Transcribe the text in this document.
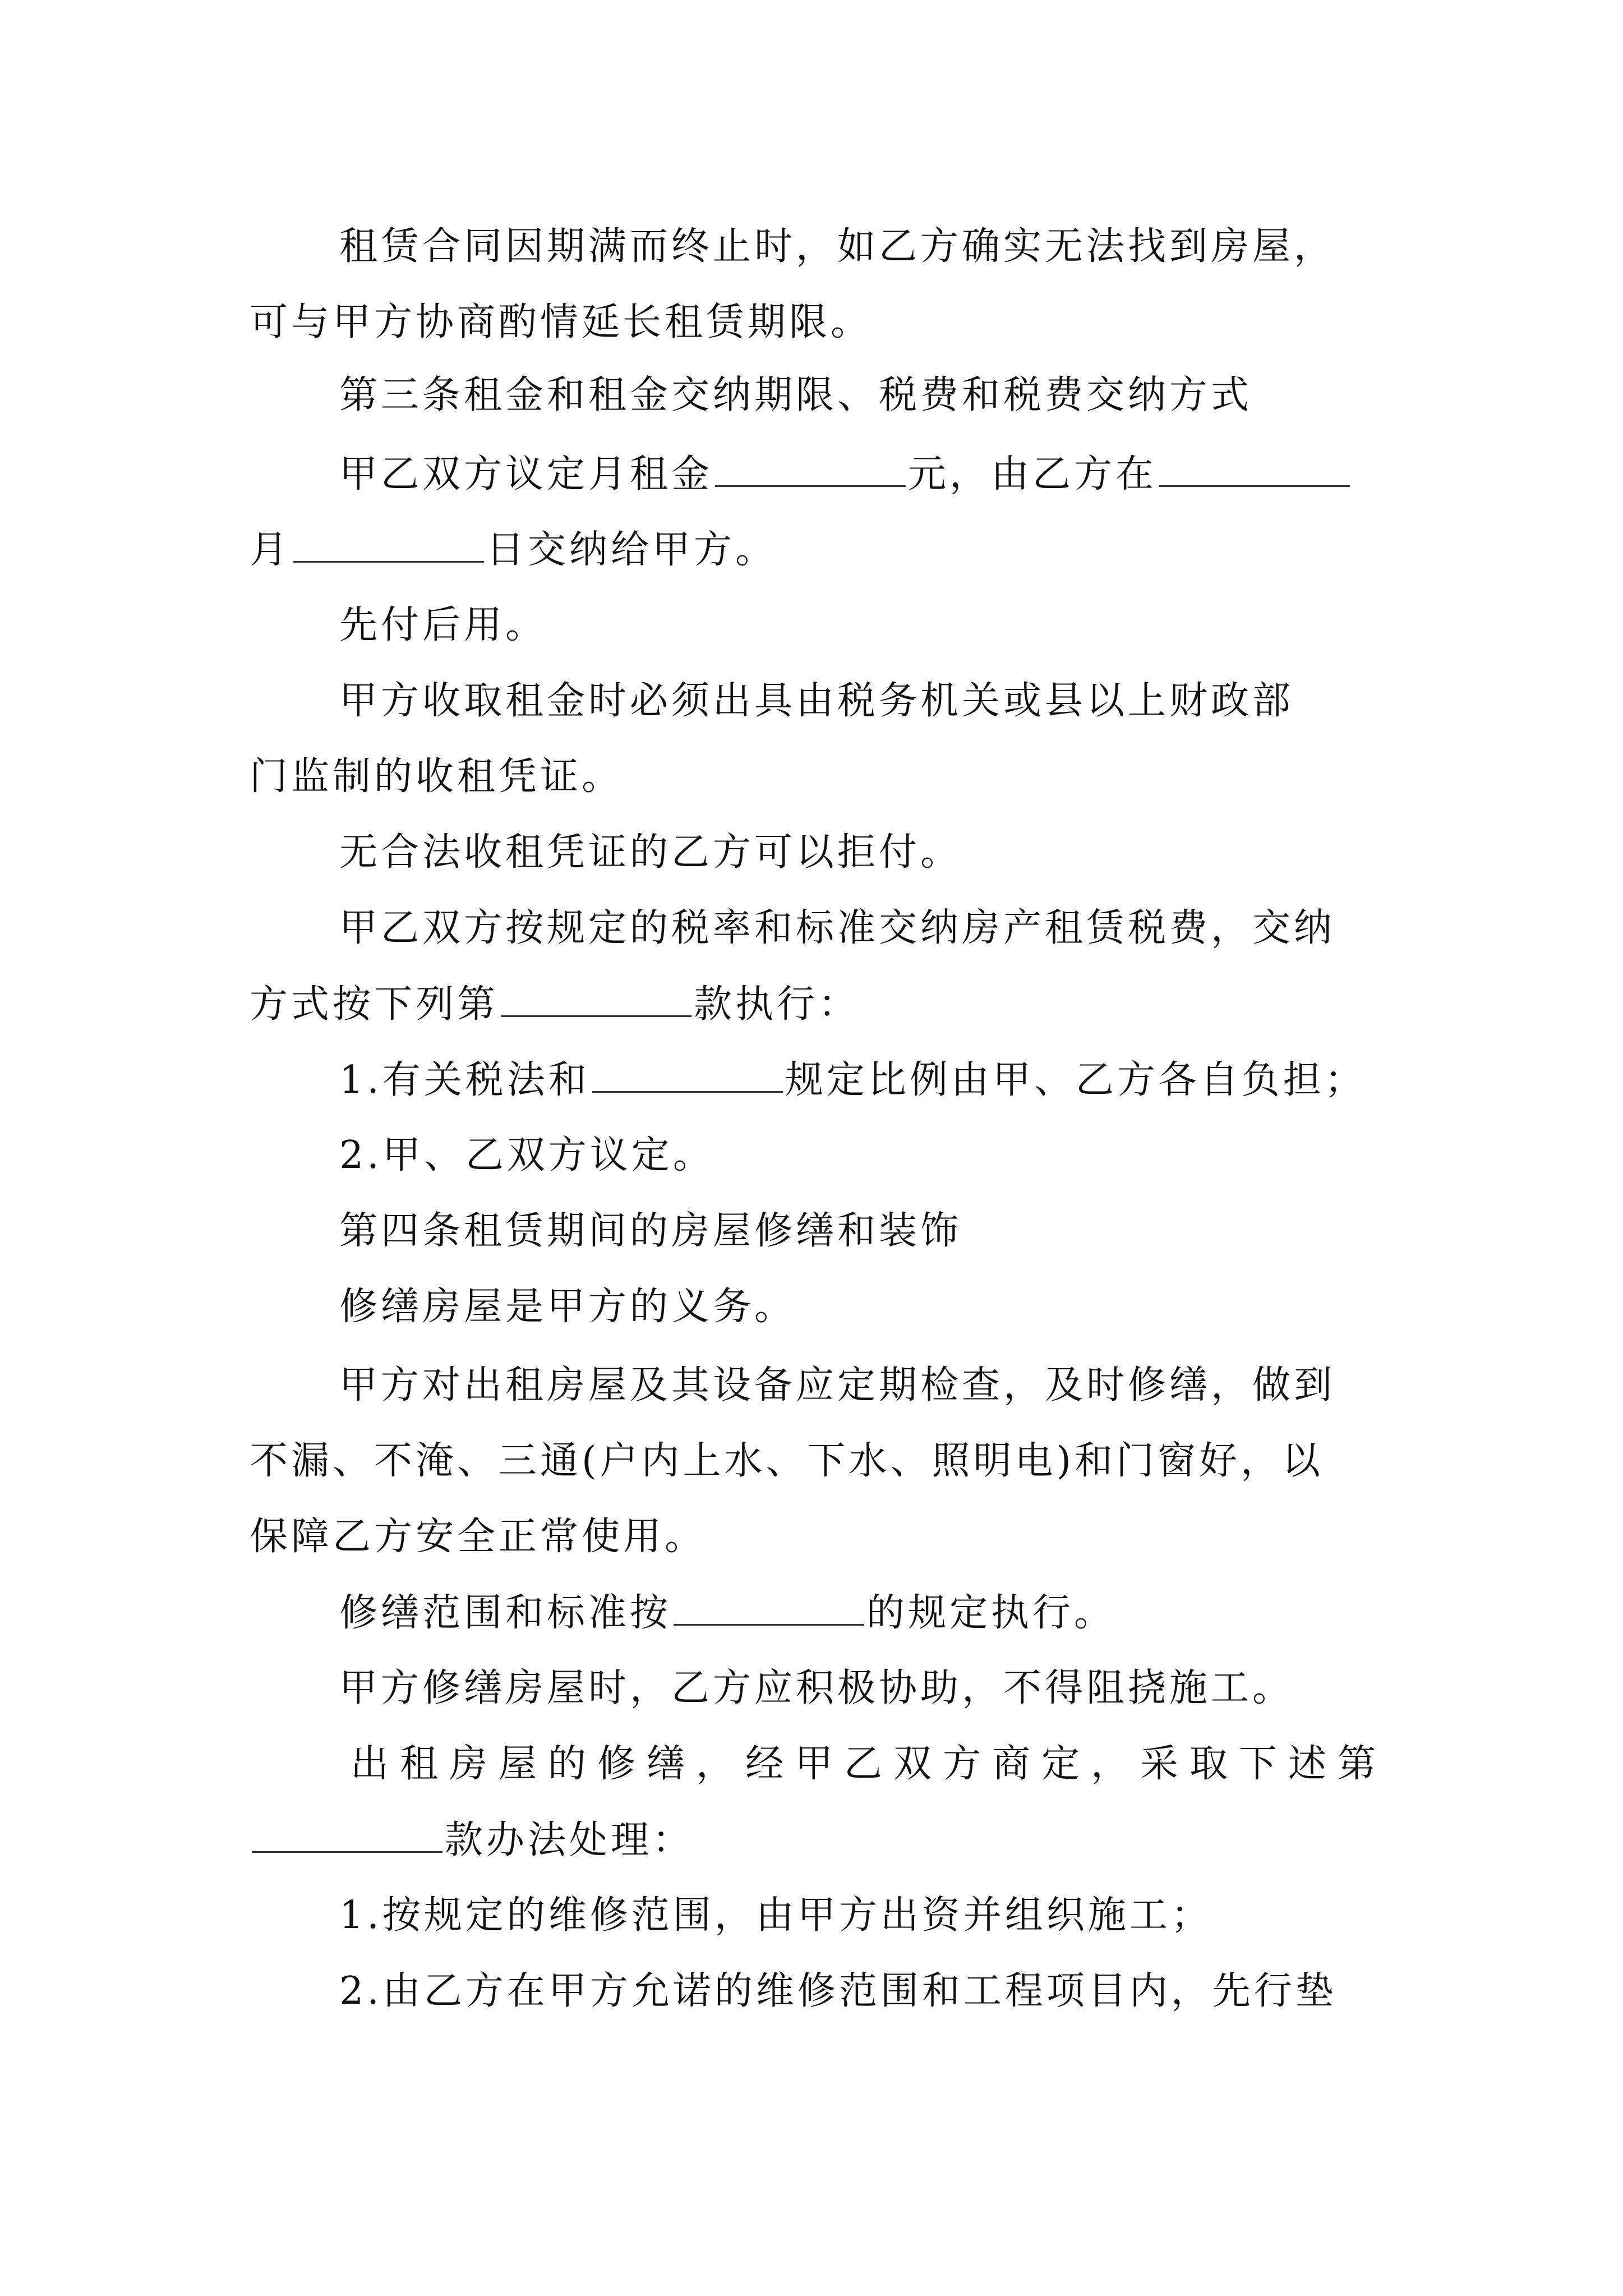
租赁合同因期满而终止时，如乙方确实无法找到房屋，
可与甲方协商酌情延长租赁期限。
第三条租金和租金交纳期限、税费和税费交纳方式
甲乙双方议定月租金	元，由乙方在
月	日交纳给甲方。
先付后用。
甲方收取租金时必须出具由税务机关或县以上财政部
门监制的收租凭证。
无合法收租凭证的乙方可以拒付。
甲乙双方按规定的税率和标准交纳房产租赁税费，交纳
方式按下列第	款执行：
1.有关税法和	规定比例由甲、乙方各自负担；
2.甲、乙双方议定。
第四条租赁期间的房屋修缮和装饰
修缮房屋是甲方的义务。
甲方对出租房屋及其设备应定期检查，及时修缮，做到
不漏、不淹、三通(户内上水、下水、照明电)和门窗好，以
保障乙方安全正常使用。
修缮范围和标准按	的规定执行。
甲方修缮房屋时，乙方应积极协助，不得阻挠施工。
出租房屋的修缮，经甲乙双方商定，采取下述第
款办法处理：
1.按规定的维修范围，由甲方出资并组织施工；
2.由乙方在甲方允诺的维修范围和工程项目内，先行垫
